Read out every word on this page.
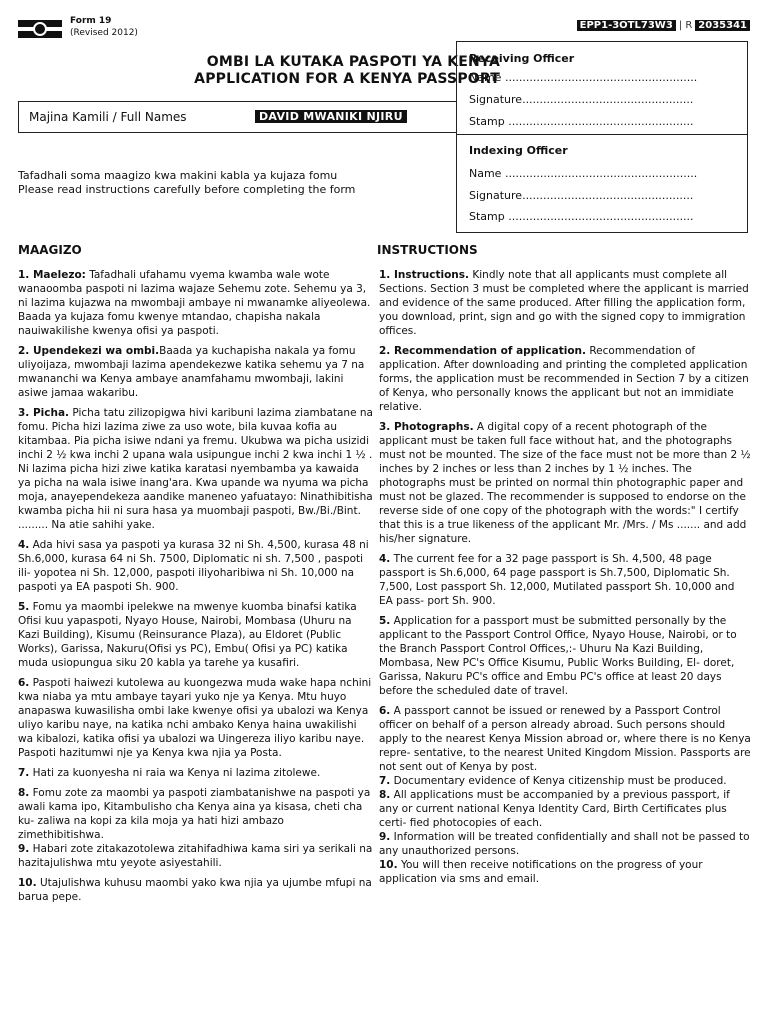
Form 19
(Revised 2012)
EPP1-3OTL73W3 | R 2035341
OMBI LA KUTAKA PASPOTI YA KENYA
APPLICATION FOR A KENYA PASSPORT
Receiving Officer
Name .......................................................
Signature.................................................
Stamp .....................................................
Indexing Officer
Name .......................................................
Signature.................................................
Stamp .....................................................
Majina Kamili / Full Names	DAVID MWANIKI NJIRU
Tafadhali soma maagizo kwa makini kabla ya kujaza fomu
Please read instructions carefully before completing the form
MAAGIZO	INSTRUCTIONS

1. Maelezo: Tafadhali ufahamu vyema kwamba wale wote wanaoomba paspoti ni lazima wajaze Sehemu zote. Sehemu ya 3, ni lazima kujazwa na mwombaji ambaye ni mwanamke aliyeolewa. Baada ya kujaza fomu kwenye mtandao, chapisha nakala nauiwakilishe kwenya ofisi ya paspoti.

2. Upendekezi wa ombi.Baada ya kuchapisha nakala ya fomu uliyoijaza, mwombaji lazima apendekezwe katika sehemu ya 7 na mwananchi wa Kenya ambaye anamfahamu mwombaji, lakini asiwe jamaa wakaribu.

3. Picha. Picha tatu zilizopigwa hivi karibuni lazima ziambatane na fomu. Picha hizi lazima ziwe za uso wote, bila kuvaa kofia au kitambaa. Pia picha isiwe ndani ya fremu. Ukubwa wa picha usizidi inchi 2 ½ kwa inchi 2 upana wala usipungue inchi 2 kwa inchi 1 ½ . Ni lazima picha hizi ziwe katika karatasi nyembamba ya kawaida ya picha na wala isiwe inang'ara. Kwa upande wa nyuma wa picha moja, anayependekeza aandike maneneo yafuatayo: Ninathibitisha kwamba picha hii ni sura hasa ya muombaji paspoti, Bw./Bi./Bint. ......... Na atie sahihi yake.

4. Ada hivi sasa ya paspoti ya kurasa 32 ni Sh. 4,500, kurasa 48 ni Sh.6,000, kurasa 64 ni Sh. 7500, Diplomatic ni sh. 7,500 , paspoti ili- yopotea ni Sh. 12,000, paspoti iliyoharibiwa ni Sh. 10,000 na paspoti ya EA paspoti Sh. 900.

5. Fomu ya maombi ipelekwe na mwenye kuomba binafsi katika Ofisi kuu yapaspoti, Nyayo House, Nairobi, Mombasa (Uhuru na Kazi Building), Kisumu (Reinsurance Plaza), au Eldoret (Public Works), Garissa, Nakuru(Ofisi ys PC), Embu( Ofisi ya PC) katika muda usiopungua siku 20 kabla ya tarehe ya kusafiri.

6. Paspoti haiwezi kutolewa au kuongezwa muda wake hapa nchini kwa niaba ya mtu ambaye tayari yuko nje ya Kenya. Mtu huyo anapaswa kuwasilisha ombi lake kwenye ofisi ya ubalozi wa Kenya uliyo karibu naye, na katika nchi ambako Kenya haina uwakilishi wa kibalozi, katika ofisi ya ubalozi wa Uingereza iliyo karibu naye. Paspoti hazitumwi nje ya Kenya kwa njia ya Posta.

7. Hati za kuonyesha ni raia wa Kenya ni lazima zitolewe.

8. Fomu zote za maombi ya paspoti ziambatanishwe na paspoti ya awali kama ipo, Kitambulisho cha Kenya aina ya kisasa, cheti cha ku- zaliwa na kopi za kila moja ya hati hizi ambazo zimethibitishwa.

9. Habari zote zitakazotolewa zitahifadhiwa kama siri ya serikali na hazitajulishwa mtu yeyote asiyestahili.

10. Utajulishwa kuhusu maombi yako kwa njia ya ujumbe mfupi na barua pepe.

1. Instructions. Kindly note that all applicants must complete all Sections. Section 3 must be completed where the applicant is married and evidence of the same produced. After filling the application form, you download, print, sign and go with the signed copy to immigration offices.

2. Recommendation of application. Recommendation of application. After downloading and printing the completed application forms, the application must be recommended in Section 7 by a citizen of Kenya, who personally knows the applicant but not an immidiate relative.

3. Photographs. A digital copy of a recent photograph of the applicant must be taken full face without hat, and the photographs must not be mounted. The size of the face must not be more than 2 ½ inches by 2 inches or less than 2 inches by 1 ½ inches. The photographs must be printed on normal thin photographic paper and must not be glazed. The recommender is supposed to endorse on the reverse side of one copy of the photograph with the words:" I certify that this is a true likeness of the applicant Mr. /Mrs. / Ms ....... and add his/her signature.

4. The current fee for a 32 page passport is Sh. 4,500, 48 page passport is Sh.6,000, 64 page passport is Sh.7,500, Diplomatic Sh. 7,500, Lost passport Sh. 12,000, Mutilated passport Sh. 10,000 and EA pass- port Sh. 900.

5. Application for a passport must be submitted personally by the applicant to the Passport Control Office, Nyayo House, Nairobi, or to the Branch Passport Control Offices,:- Uhuru Na Kazi Building, Mombasa, New PC's Office Kisumu, Public Works Building, El- doret, Garissa, Nakuru PC's office and Embu PC's office at least 20 days before the scheduled date of travel.

6. A passport cannot be issued or renewed by a Passport Control officer on behalf of a person already abroad. Such persons should apply to the nearest Kenya Mission abroad or, where there is no Kenya repre- sentative, to the nearest United Kingdom Mission. Passports are not sent out of Kenya by post.

7. Documentary evidence of Kenya citizenship must be produced.

8. All applications must be accompanied by a previous passport, if any or current national Kenya Identity Card, Birth Certificates plus certi- fied photocopies of each.

9. Information will be treated confidentially and shall not be passed to any unauthorized persons.

10. You will then receive notifications on the progress of your application via sms and email.
